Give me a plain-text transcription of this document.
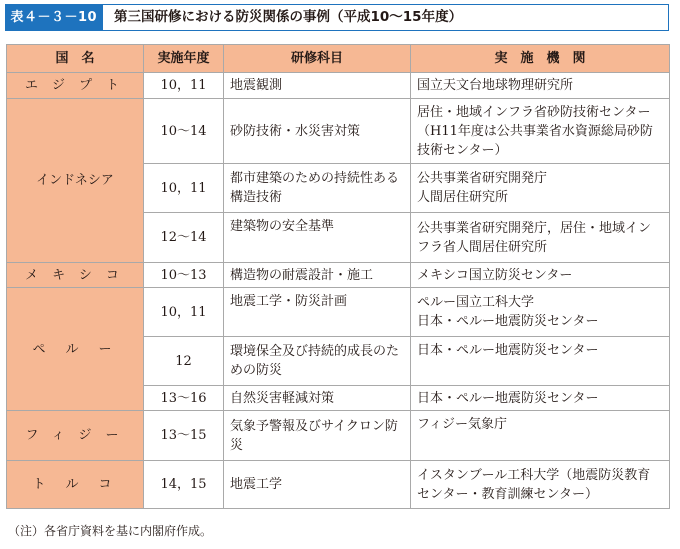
表４－３－10	第三国研修における防災関係の事例（平成10～15年度）
国　名	実施年度	研修科目	実　施　機　関
エジプト	10，11	地震観測	国立天文台地球物理研究所
インドネシア	10～14	砂防技術・水災害対策	居住・地域インフラ省砂防技術センター（H11年度は公共事業省水資源総局砂防技術センター）
	10，11	都市建築のための持続性ある構造技術	公共事業省研究開発庁
人間居住研究所
	12～14	建築物の安全基準	公共事業省研究開発庁，居住・地域インフラ省人間居住研究所
メキシコ	10～13	構造物の耐震設計・施工	メキシコ国立防災センター
ペルー	10，11	地震工学・防災計画	ペルー国立工科大学
日本・ペルー地震防災センター
	12	環境保全及び持続的成長のための防災	日本・ペルー地震防災センター
	13～16	自然災害軽減対策	日本・ペルー地震防災センター
フィジー	13～15	気象予警報及びサイクロン防災	フィジー気象庁
トルコ	14，15	地震工学	イスタンブール工科大学（地震防災教育センター・教育訓練センター）
（注）各省庁資料を基に内閣府作成。
